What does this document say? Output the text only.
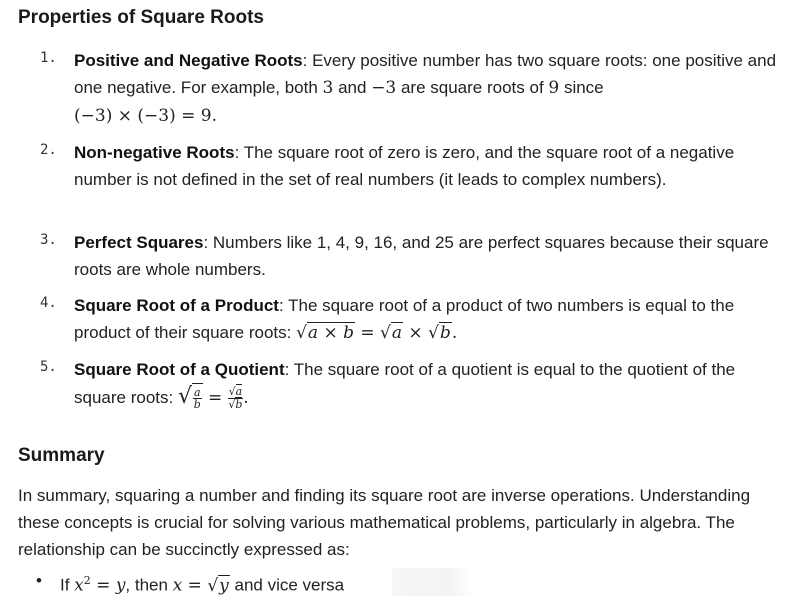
Properties of Square Roots
1. Positive and Negative Roots: Every positive number has two square roots: one positive and one negative. For example, both 3 and −3 are square roots of 9 since
(−3) × (−3) = 9.
2. Non-negative Roots: The square root of zero is zero, and the square root of a negative number is not defined in the set of real numbers (it leads to complex numbers).
3. Perfect Squares: Numbers like 1, 4, 9, 16, and 25 are perfect squares because their square roots are whole numbers.
4. Square Root of a Product: The square root of a product of two numbers is equal to the product of their square roots: √a × b = √a × √b.
5. Square Root of a Quotient: The square root of a quotient is equal to the quotient of the square roots: √ $\frac{a}{b} = \frac{√a}{√b}$ .
Summary
In summary, squaring a number and finding its square root are inverse operations. Understanding these concepts is crucial for solving various mathematical problems, particularly in algebra. The relationship can be succinctly expressed as:
• If $x^2 = y$, then x = √y and vice versa
